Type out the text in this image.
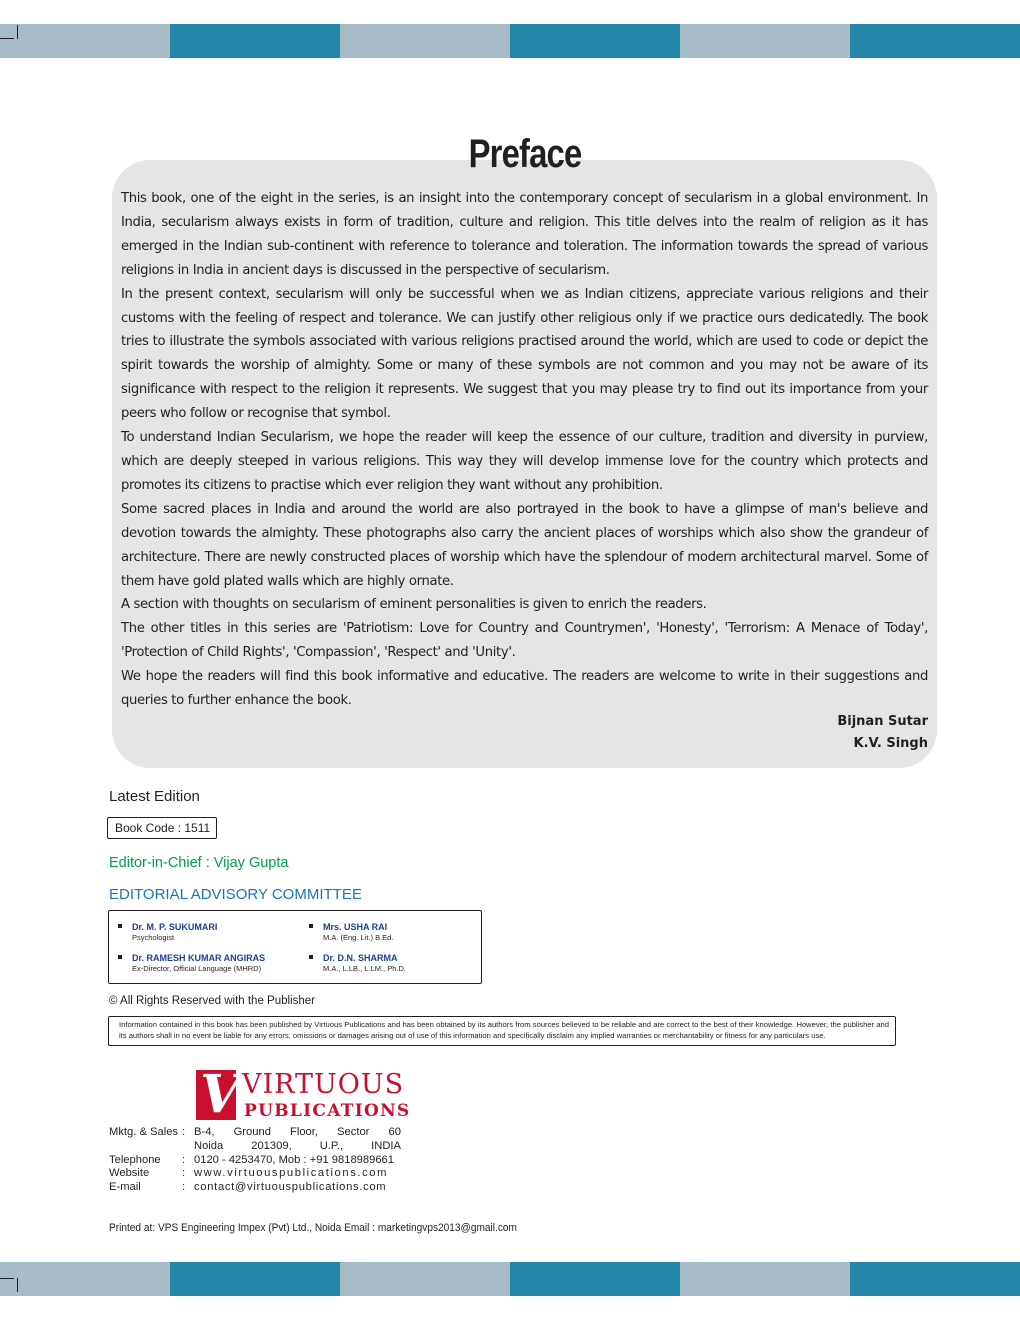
Preface

This book, one of the eight in the series, is an insight into the contemporary concept of secularism in a global environment. In India, secularism always exists in form of tradition, culture and religion. This title delves into the realm of religion as it has emerged in the Indian sub-continent with reference to tolerance and toleration. The information towards the spread of various religions in India in ancient days is discussed in the perspective of secularism.

In the present context, secularism will only be successful when we as Indian citizens, appreciate various religions and their customs with the feeling of respect and tolerance. We can justify other religious only if we practice ours dedicatedly. The book tries to illustrate the symbols associated with various religions practised around the world, which are used to code or depict the spirit towards the worship of almighty. Some or many of these symbols are not common and you may not be aware of its significance with respect to the religion it represents. We suggest that you may please try to find out its importance from your peers who follow or recognise that symbol.

To understand Indian Secularism, we hope the reader will keep the essence of our culture, tradition and diversity in purview, which are deeply steeped in various religions. This way they will develop immense love for the country which protects and promotes its citizens to practise which ever religion they want without any prohibition.

Some sacred places in India and around the world are also portrayed in the book to have a glimpse of man's believe and devotion towards the almighty. These photographs also carry the ancient places of worships which also show the grandeur of architecture. There are newly constructed places of worship which have the splendour of modern architectural marvel. Some of them have gold plated walls which are highly ornate.

A section with thoughts on secularism of eminent personalities is given to enrich the readers.

The other titles in this series are 'Patriotism: Love for Country and Countrymen', 'Honesty', 'Terrorism: A Menace of Today', 'Protection of Child Rights', 'Compassion', 'Respect' and 'Unity'.

We hope the readers will find this book informative and educative. The readers are welcome to write in their suggestions and queries to further enhance the book.

Bijnan Sutar
K.V. Singh
Latest Edition
Book Code : 1511
Editor-in-Chief : Vijay Gupta
EDITORIAL ADVISORY COMMITTEE
Dr. M. P. SUKUMARI
Psychologist
Mrs. USHA RAI
M.A. (Eng. Lit.) B.Ed.
Dr. RAMESH KUMAR ANGIRAS
Ex-Director, Official Language (MHRD)
Dr. D.N. SHARMA
M.A., L.LB., L.LM., Ph.D.
© All Rights Reserved with the Publisher
Information contained in this book has been published by Virtuous Publications and has been obtained by its authors from sources believed to be reliable and are correct to the best of their knowledge. However, the publisher and its authors shall in no event be liable for any errors, omissions or damages arising out of use of this information and specifically disclaim any implied warranties or merchantability or fitness for any particulars use.
V VIRTUOUS
PUBLICATIONS
Mktg. & Sales : B-4, Ground Floor, Sector 60
Noida	201309,	U.P.,	INDIA
Telephone	: 0120 - 4253470, Mob : +91 9818989661
Website	: www.virtuouspublications.com
E-mail	: contact@virtuouspublications.com
Printed at: VPS Engineering Impex (Pvt) Ltd., Noida Email : marketingvps2013@gmail.com
